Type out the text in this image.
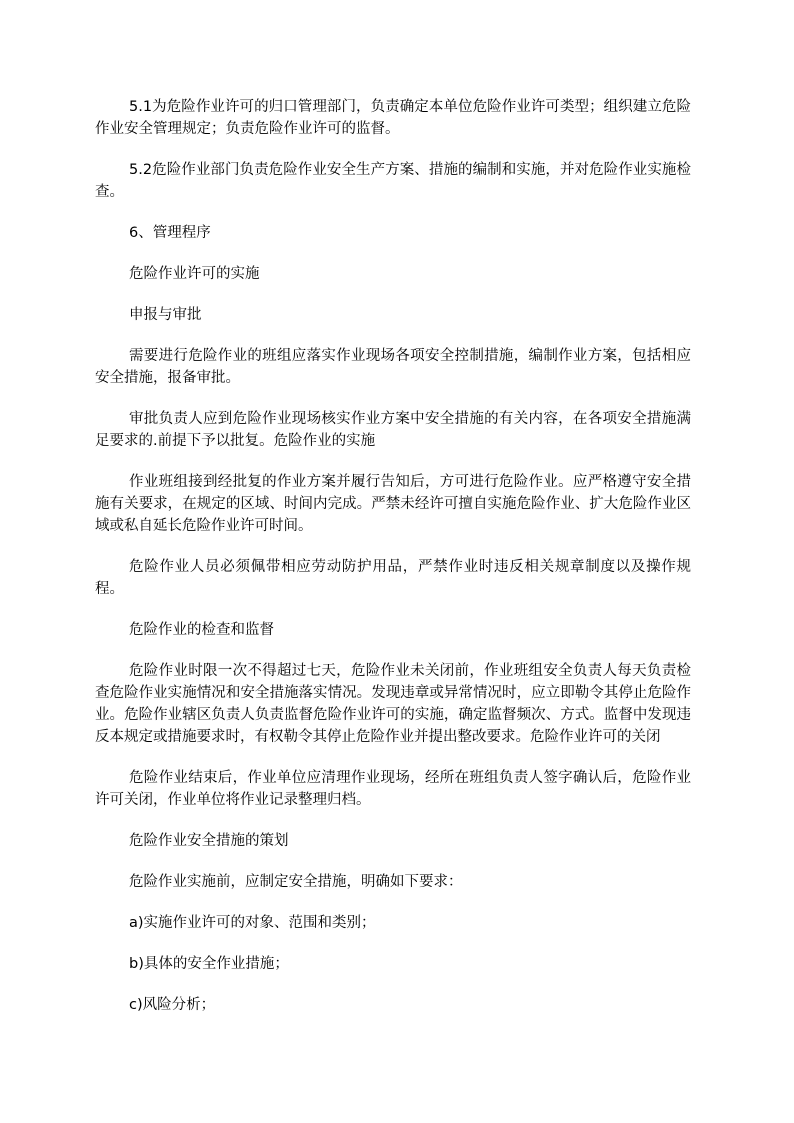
5.1为危险作业许可的归口管理部门，负责确定本单位危险作业许可类型；组织建立危险作业安全管理规定；负责危险作业许可的监督。

5.2危险作业部门负责危险作业安全生产方案、措施的编制和实施，并对危险作业实施检查。

6、管理程序

危险作业许可的实施

申报与审批

需要进行危险作业的班组应落实作业现场各项安全控制措施，编制作业方案，包括相应安全措施，报备审批。

审批负责人应到危险作业现场核实作业方案中安全措施的有关内容，在各项安全措施满足要求的.前提下予以批复。危险作业的实施

作业班组接到经批复的作业方案并履行告知后，方可进行危险作业。应严格遵守安全措施有关要求，在规定的区域、时间内完成。严禁未经许可擅自实施危险作业、扩大危险作业区域或私自延长危险作业许可时间。

危险作业人员必须佩带相应劳动防护用品，严禁作业时违反相关规章制度以及操作规程。

危险作业的检查和监督

危险作业时限一次不得超过七天，危险作业未关闭前，作业班组安全负责人每天负责检查危险作业实施情况和安全措施落实情况。发现违章或异常情况时，应立即勒令其停止危险作业。危险作业辖区负责人负责监督危险作业许可的实施，确定监督频次、方式。监督中发现违反本规定或措施要求时，有权勒令其停止危险作业并提出整改要求。危险作业许可的关闭

危险作业结束后，作业单位应清理作业现场，经所在班组负责人签字确认后，危险作业许可关闭，作业单位将作业记录整理归档。

危险作业安全措施的策划

危险作业实施前，应制定安全措施，明确如下要求：

a)实施作业许可的对象、范围和类别；

b)具体的安全作业措施；

c)风险分析；
